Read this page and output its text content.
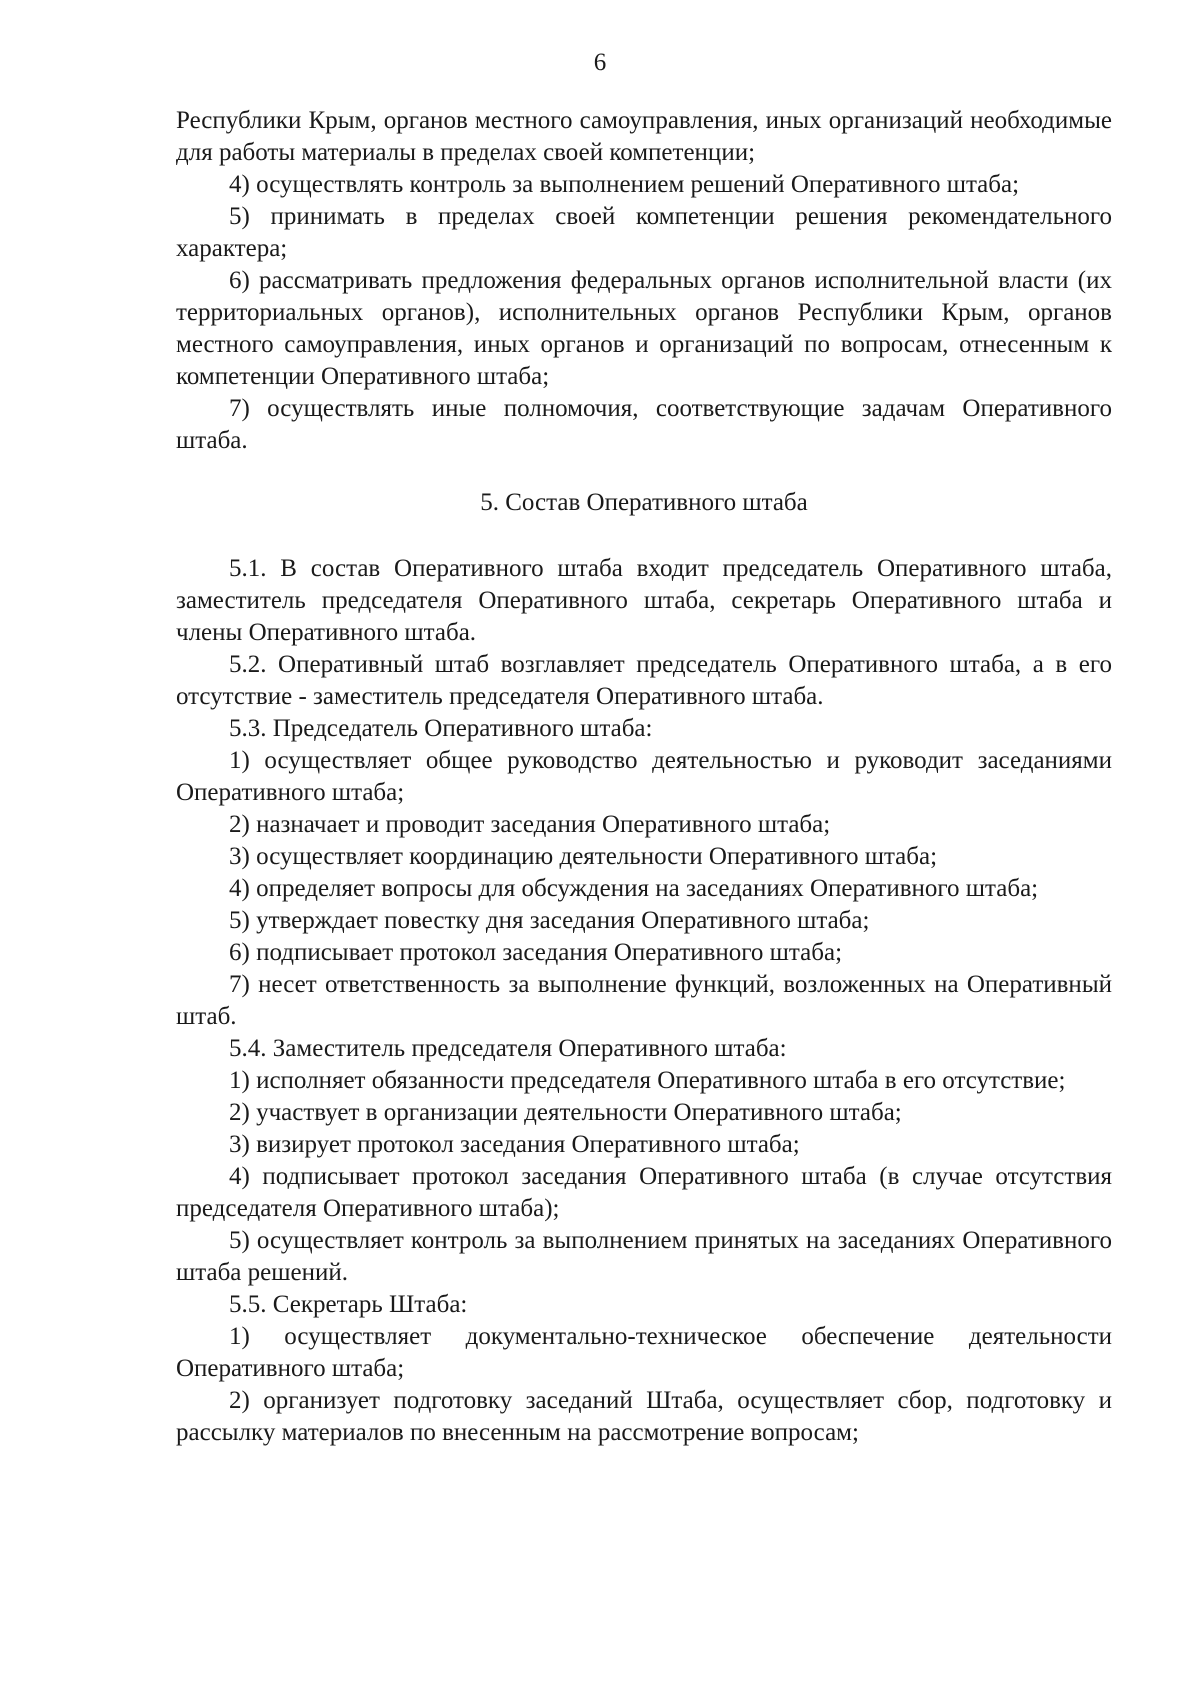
6

Республики Крым, органов местного самоуправления, иных организаций необходимые для работы материалы в пределах своей компетенции;

4) осуществлять контроль за выполнением решений Оперативного штаба;

5) принимать в пределах своей компетенции решения рекомендательного характера;

6) рассматривать предложения федеральных органов исполнительной власти (их территориальных органов), исполнительных органов Республики Крым, органов местного самоуправления, иных органов и организаций по вопросам, отнесенным к компетенции Оперативного штаба;

7) осуществлять иные полномочия, соответствующие задачам Оперативного штаба.

5. Состав Оперативного штаба

5.1. В состав Оперативного штаба входит председатель Оперативного штаба, заместитель председателя Оперативного штаба, секретарь Оперативного штаба и члены Оперативного штаба.

5.2. Оперативный штаб возглавляет председатель Оперативного штаба, а в его отсутствие - заместитель председателя Оперативного штаба.

5.3. Председатель Оперативного штаба:

1) осуществляет общее руководство деятельностью и руководит заседаниями Оперативного штаба;

2) назначает и проводит заседания Оперативного штаба;

3) осуществляет координацию деятельности Оперативного штаба;

4) определяет вопросы для обсуждения на заседаниях Оперативного штаба;

5) утверждает повестку дня заседания Оперативного штаба;

6) подписывает протокол заседания Оперативного штаба;

7) несет ответственность за выполнение функций, возложенных на Оперативный штаб.

5.4. Заместитель председателя Оперативного штаба:

1) исполняет обязанности председателя Оперативного штаба в его отсутствие;

2) участвует в организации деятельности Оперативного штаба;

3) визирует протокол заседания Оперативного штаба;

4) подписывает протокол заседания Оперативного штаба (в случае отсутствия председателя Оперативного штаба);

5) осуществляет контроль за выполнением принятых на заседаниях Оперативного штаба решений.

5.5. Секретарь Штаба:

1) осуществляет документально-техническое обеспечение деятельности Оперативного штаба;

2) организует подготовку заседаний Штаба, осуществляет сбор, подготовку и рассылку материалов по внесенным на рассмотрение вопросам;
